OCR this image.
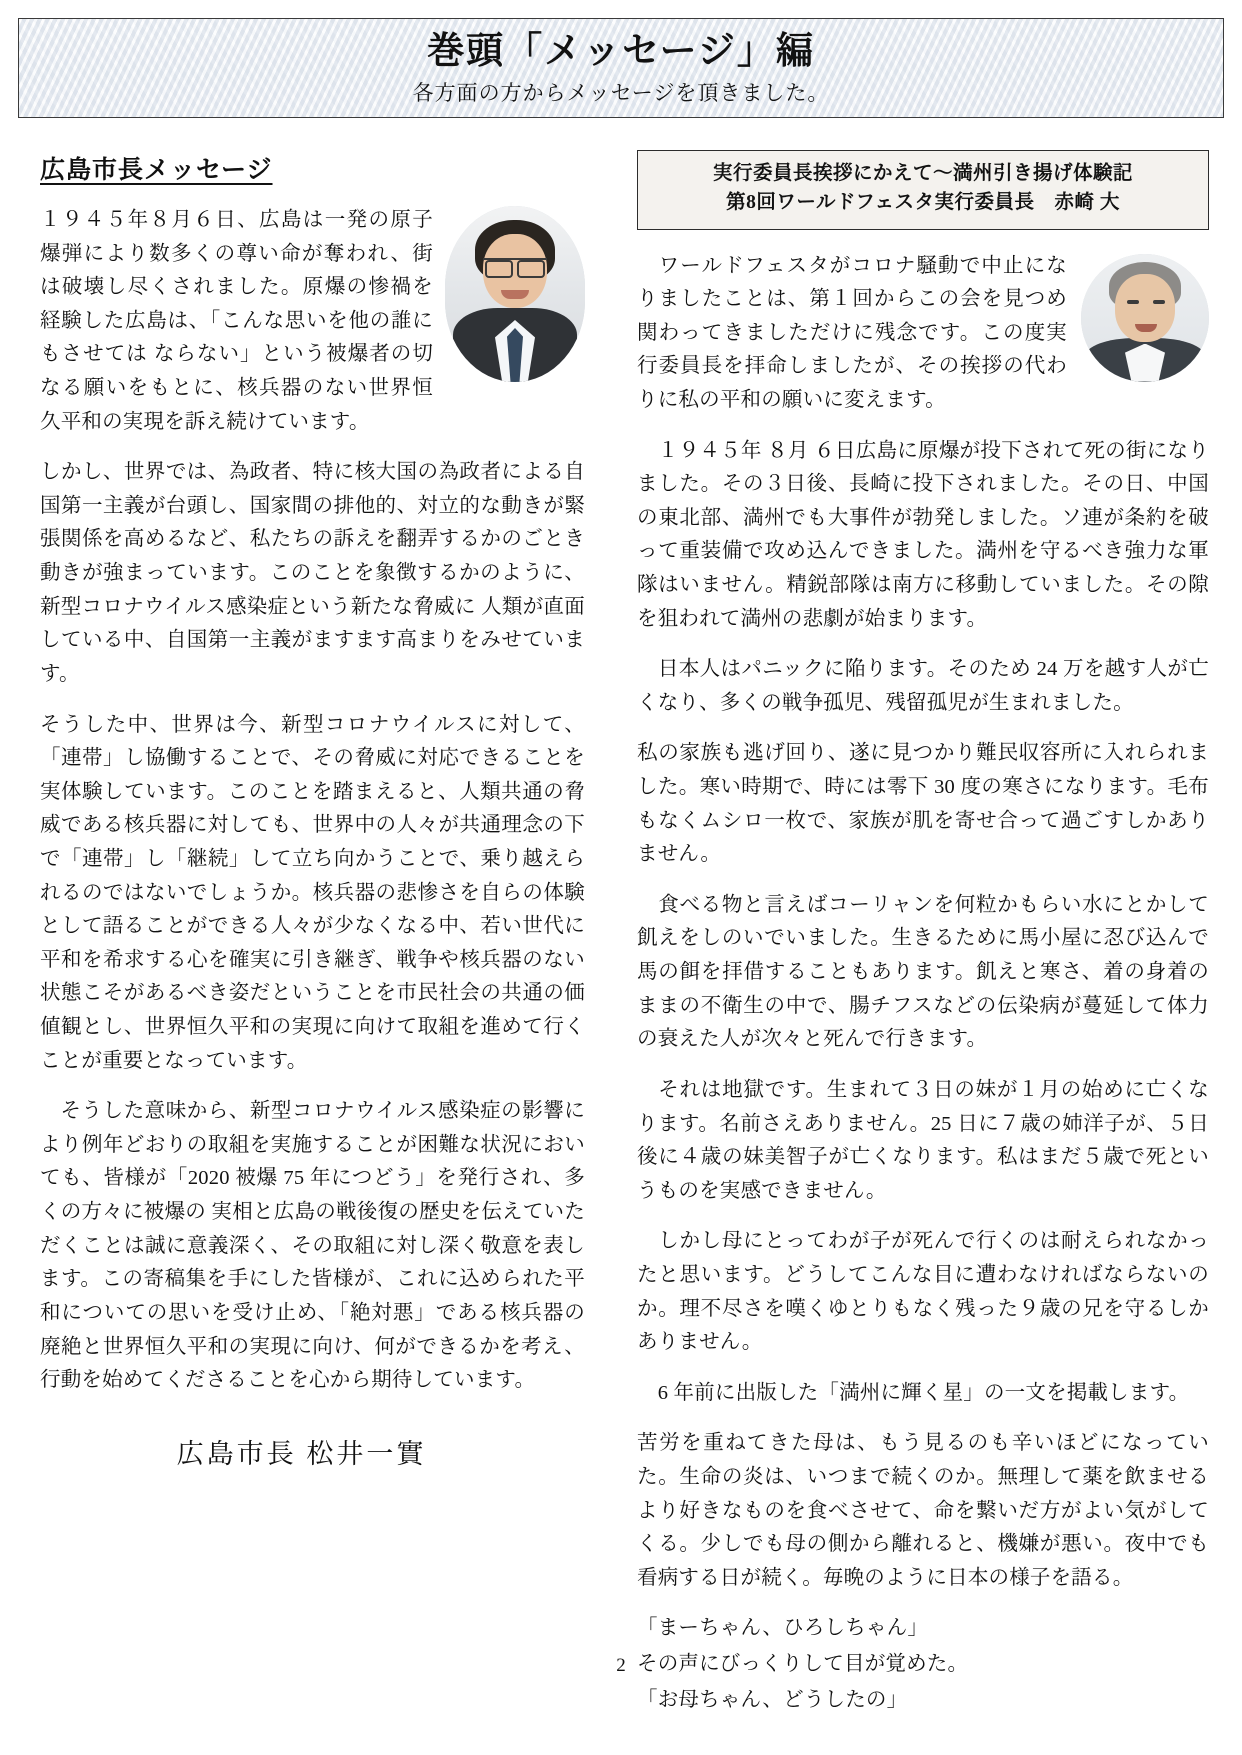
巻頭「メッセージ」編
各方面の方からメッセージを頂きました。
広島市長メッセージ

１９４５年８月６日、広島は一発の原子爆弾により数多くの尊い命が奪われ、街は破壊し尽くされました。原爆の惨禍を経験した広島は、「こんな思いを他の誰にもさせては ならない」という被爆者の切なる願いをもとに、核兵器のない世界恒久平和の実現を訴え続けています。

しかし、世界では、為政者、特に核大国の為政者による自国第一主義が台頭し、国家間の排他的、対立的な動きが緊張関係を高めるなど、私たちの訴えを翻弄するかのごとき動きが強まっています。このことを象徴するかのように、新型コロナウイルス感染症という新たな脅威に 人類が直面している中、自国第一主義がますます高まりをみせています。

そうした中、世界は今、新型コロナウイルスに対して、「連帯」し協働することで、その脅威に対応できることを実体験しています。このことを踏まえると、人類共通の脅威である核兵器に対しても、世界中の人々が共通理念の下で「連帯」し「継続」して立ち向かうことで、乗り越えられるのではないでしょうか。核兵器の悲惨さを自らの体験として語ることができる人々が少なくなる中、若い世代に平和を希求する心を確実に引き継ぎ、戦争や核兵器のない状態こそがあるべき姿だということを市民社会の共通の価値観とし、世界恒久平和の実現に向けて取組を進めて行くことが重要となっています。

そうした意味から、新型コロナウイルス感染症の影響により例年どおりの取組を実施することが困難な状況においても、皆様が「2020 被爆 75 年につどう」を発行され、多くの方々に被爆の 実相と広島の戦後復の歴史を伝えていただくことは誠に意義深く、その取組に対し深く敬意を表します。この寄稿集を手にした皆様が、これに込められた平和についての思いを受け止め、「絶対悪」である核兵器の廃絶と世界恒久平和の実現に向け、何ができるかを考え、行動を始めてくださることを心から期待しています。

広島市長 松井一實
実行委員長挨拶にかえて～満州引き揚げ体験記
第8回ワールドフェスタ実行委員長　赤崎 大

　ワールドフェスタがコロナ騒動で中止になりましたことは、第１回からこの会を見つめ関わってきましただけに残念です。この度実行委員長を拝命しましたが、その挨拶の代わりに私の平和の願いに変えます。

　１９４５年 ８月 ６日広島に原爆が投下されて死の街になりました。その３日後、長崎に投下されました。その日、中国の東北部、満州でも大事件が勃発しました。ソ連が条約を破って重装備で攻め込んできました。満州を守るべき強力な軍隊はいません。精鋭部隊は南方に移動していました。その隙を狙われて満州の悲劇が始まります。

　日本人はパニックに陥ります。そのため 24 万を越す人が亡くなり、多くの戦争孤児、残留孤児が生まれました。

私の家族も逃げ回り、遂に見つかり難民収容所に入れられました。寒い時期で、時には零下 30 度の寒さになります。毛布もなくムシロ一枚で、家族が肌を寄せ合って過ごすしかありません。

　食べる物と言えばコーリャンを何粒かもらい水にとかして飢えをしのいでいました。生きるために馬小屋に忍び込んで馬の餌を拝借することもあります。飢えと寒さ、着の身着のままの不衛生の中で、腸チフスなどの伝染病が蔓延して体力の衰えた人が次々と死んで行きます。

　それは地獄です。生まれて３日の妹が１月の始めに亡くなります。名前さえありません。25 日に７歳の姉洋子が、５日後に４歳の妹美智子が亡くなります。私はまだ５歳で死というものを実感できません。

　しかし母にとってわが子が死んで行くのは耐えられなかったと思います。どうしてこんな目に遭わなければならないのか。理不尽さを嘆くゆとりもなく残った９歳の兄を守るしかありません。

　6 年前に出版した「満州に輝く星」の一文を掲載します。

苦労を重ねてきた母は、もう見るのも辛いほどになっていた。生命の炎は、いつまで続くのか。無理して薬を飲ませるより好きなものを食べさせて、命を繋いだ方がよい気がしてくる。少しでも母の側から離れると、機嫌が悪い。夜中でも看病する日が続く。毎晩のように日本の様子を語る。

「まーちゃん、ひろしちゃん」

その声にびっくりして目が覚めた。

「お母ちゃん、どうしたの」

2
